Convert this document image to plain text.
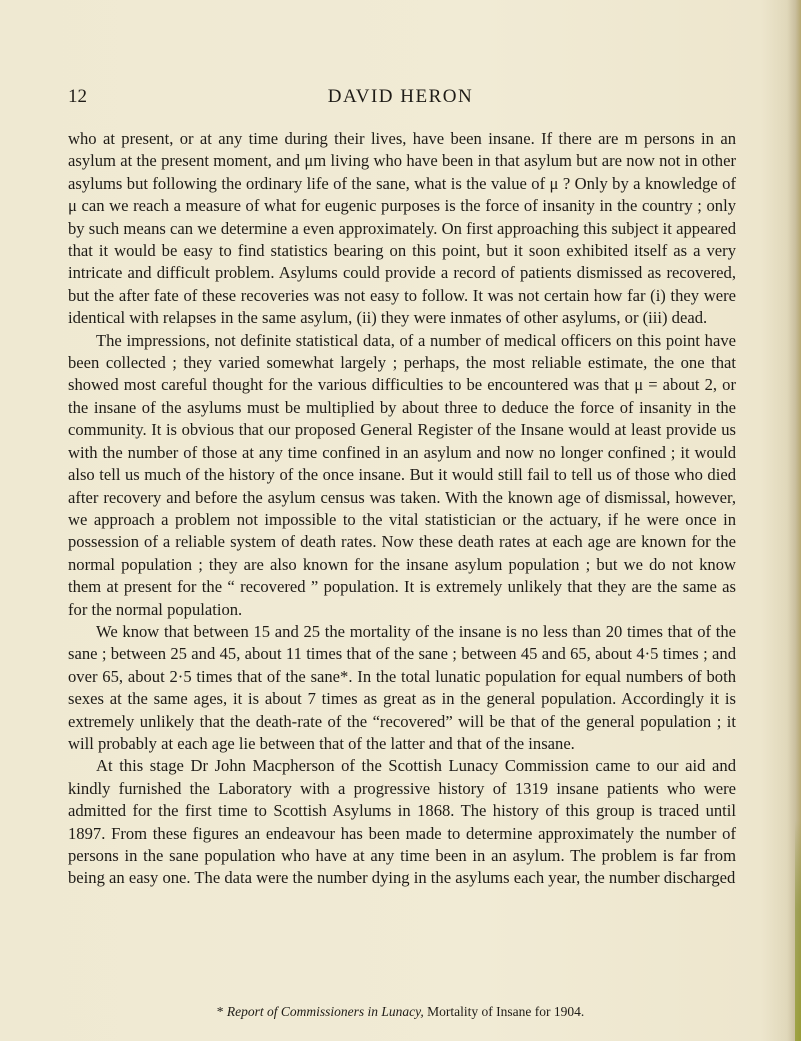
12	DAVID HERON

who at present, or at any time during their lives, have been insane. If there are m persons in an asylum at the present moment, and μm living who have been in that asylum but are now not in other asylums but following the ordinary life of the sane, what is the value of μ ? Only by a knowledge of μ can we reach a measure of what for eugenic purposes is the force of insanity in the country ; only by such means can we determine a even approximately. On first approaching this subject it appeared that it would be easy to find statistics bearing on this point, but it soon exhibited itself as a very intricate and difficult problem. Asylums could provide a record of patients dismissed as recovered, but the after fate of these recoveries was not easy to follow. It was not certain how far (i) they were identical with relapses in the same asylum, (ii) they were inmates of other asylums, or (iii) dead.

The impressions, not definite statistical data, of a number of medical officers on this point have been collected ; they varied somewhat largely ; perhaps, the most reliable estimate, the one that showed most careful thought for the various difficulties to be encountered was that μ = about 2, or the insane of the asylums must be multiplied by about three to deduce the force of insanity in the community. It is obvious that our proposed General Register of the Insane would at least provide us with the number of those at any time confined in an asylum and now no longer confined ; it would also tell us much of the history of the once insane. But it would still fail to tell us of those who died after recovery and before the asylum census was taken. With the known age of dismissal, however, we approach a problem not impossible to the vital statistician or the actuary, if he were once in possession of a reliable system of death rates. Now these death rates at each age are known for the normal population ; they are also known for the insane asylum population ; but we do not know them at present for the “ recovered ” population. It is extremely unlikely that they are the same as for the normal population.

We know that between 15 and 25 the mortality of the insane is no less than 20 times that of the sane ; between 25 and 45, about 11 times that of the sane ; between 45 and 65, about 4·5 times ; and over 65, about 2·5 times that of the sane*. In the total lunatic population for equal numbers of both sexes at the same ages, it is about 7 times as great as in the general population. Accordingly it is extremely unlikely that the death-rate of the “recovered” will be that of the general population ; it will probably at each age lie between that of the latter and that of the insane.

At this stage Dr John Macpherson of the Scottish Lunacy Commission came to our aid and kindly furnished the Laboratory with a progressive history of 1319 insane patients who were admitted for the first time to Scottish Asylums in 1868. The history of this group is traced until 1897. From these figures an endeavour has been made to determine approximately the number of persons in the sane population who have at any time been in an asylum. The problem is far from being an easy one. The data were the number dying in the asylums each year, the number discharged

* Report of Commissioners in Lunacy, Mortality of Insane for 1904.
